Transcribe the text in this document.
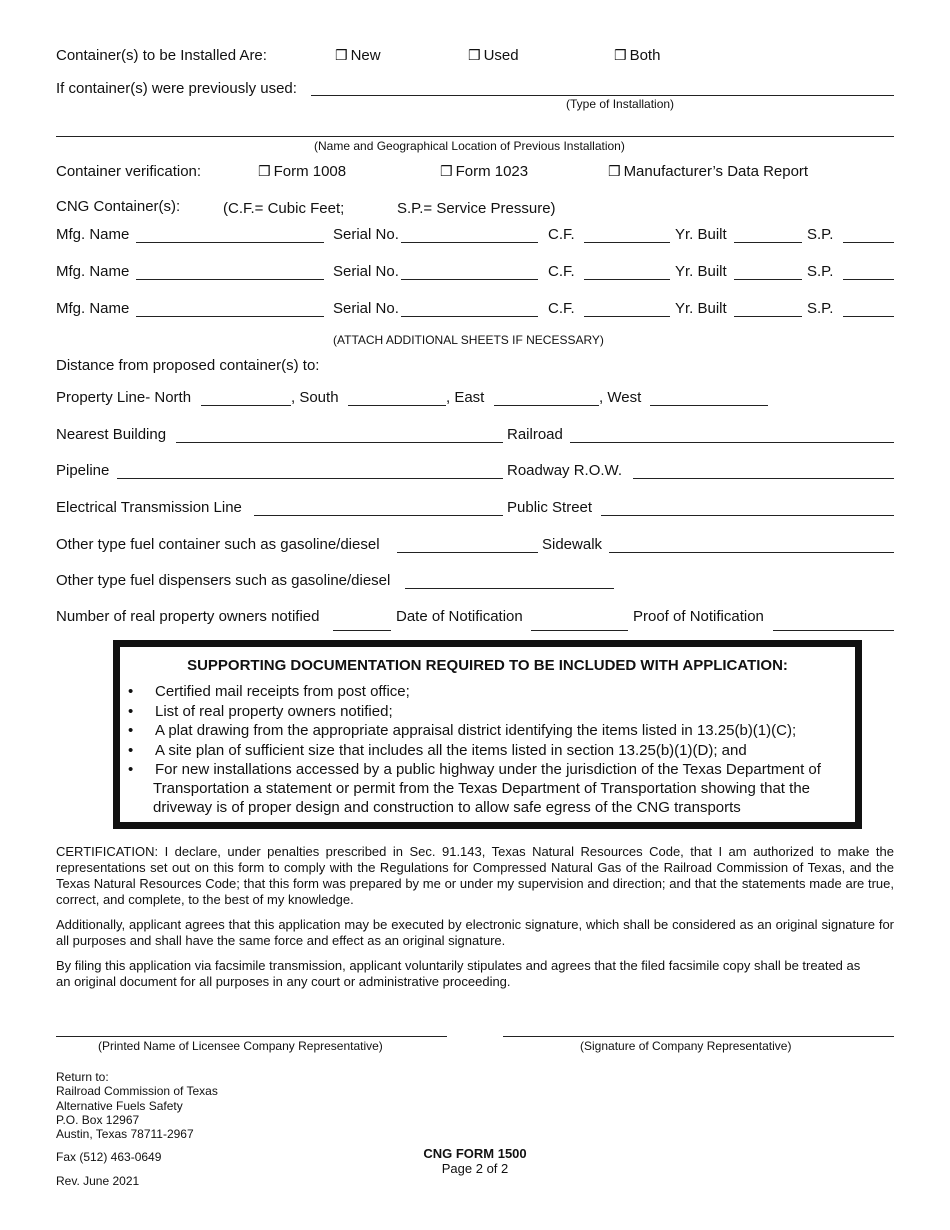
Container(s) to be Installed Are:	❒ New	❒ Used	❒ Both
If container(s) were previously used:
(Type of Installation)
(Name and Geographical Location of Previous Installation)
Container verification:	❒ Form 1008	❒ Form 1023	❒ Manufacturer’s Data Report
CNG Container(s):	(C.F.= Cubic Feet;	S.P.= Service Pressure)
Mfg. Name	Serial No.	C.F.	Yr. Built	S.P.
Mfg. Name	Serial No.	C.F.	Yr. Built	S.P.
Mfg. Name	Serial No.	C.F.	Yr. Built	S.P.
(ATTACH ADDITIONAL SHEETS IF NECESSARY)
Distance from proposed container(s) to:
Property Line- North	, South	, East	, West
Nearest Building	Railroad
Pipeline	Roadway R.O.W.
Electrical Transmission Line	Public Street
Other type fuel container such as gasoline/diesel	Sidewalk
Other type fuel dispensers such as gasoline/diesel
Number of real property owners notified	Date of Notification	Proof of Notification
SUPPORTING DOCUMENTATION REQUIRED TO BE INCLUDED WITH APPLICATION:
• Certified mail receipts from post office;
• List of real property owners notified;
• A plat drawing from the appropriate appraisal district identifying the items listed in 13.25(b)(1)(C);
• A site plan of sufficient size that includes all the items listed in section 13.25(b)(1)(D); and
• For new installations accessed by a public highway under the jurisdiction of the Texas Department of
Transportation a statement or permit from the Texas Department of Transportation showing that the
driveway is of proper design and construction to allow safe egress of the CNG transports
CERTIFICATION: I declare, under penalties prescribed in Sec. 91.143, Texas Natural Resources Code, that I am authorized to make the representations set out on this form to comply with the Regulations for Compressed Natural Gas of the Railroad Commission of Texas, and the Texas Natural Resources Code; that this form was prepared by me or under my supervision and direction; and that the statements made are true, correct, and complete, to the best of my knowledge.
Additionally, applicant agrees that this application may be executed by electronic signature, which shall be considered as an original signature for all purposes and shall have the same force and effect as an original signature.
By filing this application via facsimile transmission, applicant voluntarily stipulates and agrees that the filed facsimile copy shall be treated as an original document for all purposes in any court or administrative proceeding.
(Printed Name of Licensee Company Representative)	(Signature of Company Representative)
Return to:
Railroad Commission of Texas
Alternative Fuels Safety
P.O. Box 12967
Austin, Texas 78711-2967
Fax (512) 463-0649
Rev. June 2021
CNG FORM 1500
Page 2 of 2
